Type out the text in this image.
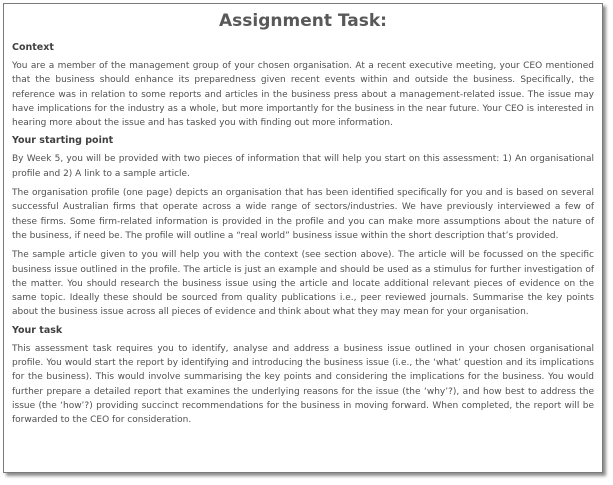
Assignment Task:
Context

You are a member of the management group of your chosen organisation. At a recent executive meeting, your CEO mentioned that the business should enhance its preparedness given recent events within and outside the business. Specifically, the reference was in relation to some reports and articles in the business press about a management-related issue. The issue may have implications for the industry as a whole, but more importantly for the business in the near future. Your CEO is interested in hearing more about the issue and has tasked you with finding out more information.

Your starting point

By Week 5, you will be provided with two pieces of information that will help you start on this assessment: 1) An organisational profile and 2) A link to a sample article.

The organisation profile (one page) depicts an organisation that has been identified specifically for you and is based on several successful Australian firms that operate across a wide range of sectors/industries. We have previously interviewed a few of these firms. Some firm-related information is provided in the profile and you can make more assumptions about the nature of the business, if need be. The profile will outline a “real world” business issue within the short description that’s provided.

The sample article given to you will help you with the context (see section above). The article will be focussed on the specific business issue outlined in the profile. The article is just an example and should be used as a stimulus for further investigation of the matter. You should research the business issue using the article and locate additional relevant pieces of evidence on the same topic. Ideally these should be sourced from quality publications i.e., peer reviewed journals. Summarise the key points about the business issue across all pieces of evidence and think about what they may mean for your organisation.

Your task

This assessment task requires you to identify, analyse and address a business issue outlined in your chosen organisational profile. You would start the report by identifying and introducing the business issue (i.e., the ‘what’ question and its implications for the business). This would involve summarising the key points and considering the implications for the business. You would further prepare a detailed report that examines the underlying reasons for the issue (the ‘why’?), and how best to address the issue (the ‘how’?) providing succinct recommendations for the business in moving forward. When completed, the report will be forwarded to the CEO for consideration.
